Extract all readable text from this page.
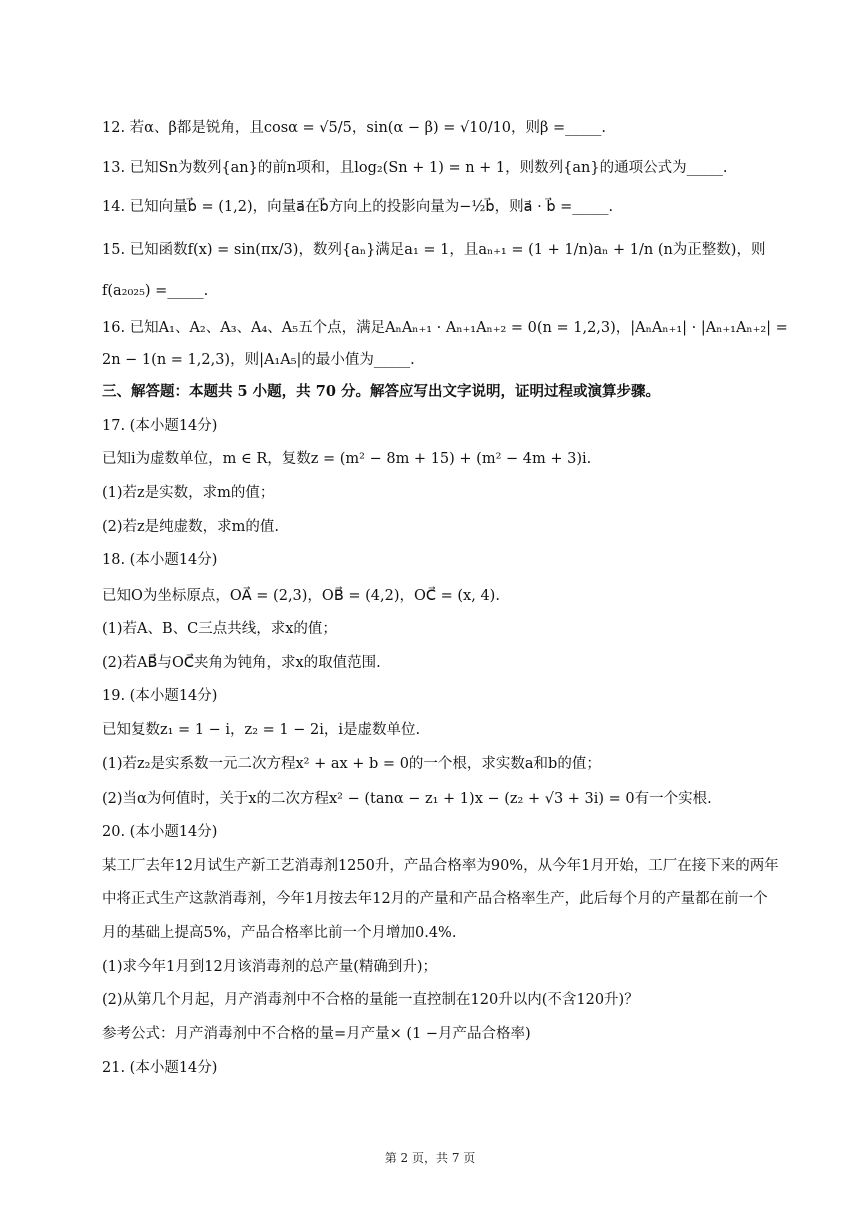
12. 若α、β都是锐角，且cosα = √5/5，sin(α − β) = √10/10，则β =_____.
13. 已知Sn为数列{an}的前n项和，且log₂(Sn + 1) = n + 1，则数列{an}的通项公式为_____.
14. 已知向量b⃗ = (1,2)，向量a⃗在b⃗方向上的投影向量为−½b⃗，则a⃗ · b⃗ =_____.
15. 已知函数f(x) = sin(πx/3)，数列{aₙ}满足a₁ = 1，且aₙ₊₁ = (1 + 1/n)aₙ + 1/n (n为正整数)，则
f(a₂₀₂₅) =_____.
16. 已知A₁、A₂、A₃、A₄、A₅五个点，满足AₙAₙ₊₁ · Aₙ₊₁Aₙ₊₂ = 0(n = 1,2,3)，|AₙAₙ₊₁| · |Aₙ₊₁Aₙ₊₂| =
2n − 1(n = 1,2,3)，则|A₁A₅|的最小值为_____.
三、解答题：本题共 5 小题，共 70 分。解答应写出文字说明，证明过程或演算步骤。
17. (本小题14分)
已知i为虚数单位，m ∈ R，复数z = (m² − 8m + 15) + (m² − 4m + 3)i.
(1)若z是实数，求m的值；
(2)若z是纯虚数，求m的值.
18. (本小题14分)
已知O为坐标原点，OA⃗ = (2,3)，OB⃗ = (4,2)，OC⃗ = (x, 4).
(1)若A、B、C三点共线，求x的值；
(2)若AB⃗与OC⃗夹角为钝角，求x的取值范围.
19. (本小题14分)
已知复数z₁ = 1 − i，z₂ = 1 − 2i，i是虚数单位.
(1)若z₂是实系数一元二次方程x² + ax + b = 0的一个根，求实数a和b的值；
(2)当α为何值时，关于x的二次方程x² − (tanα − z₁ + 1)x − (z₂ + √3 + 3i) = 0有一个实根.
20. (本小题14分)
某工厂去年12月试生产新工艺消毒剂1250升，产品合格率为90%，从今年1月开始，工厂在接下来的两年
中将正式生产这款消毒剂，今年1月按去年12月的产量和产品合格率生产，此后每个月的产量都在前一个
月的基础上提高5%，产品合格率比前一个月增加0.4%.
(1)求今年1月到12月该消毒剂的总产量(精确到升)；
(2)从第几个月起，月产消毒剂中不合格的量能一直控制在120升以内(不含120升)？
参考公式：月产消毒剂中不合格的量=月产量× (1 −月产品合格率)
21. (本小题14分)
第 2 页，共 7 页
